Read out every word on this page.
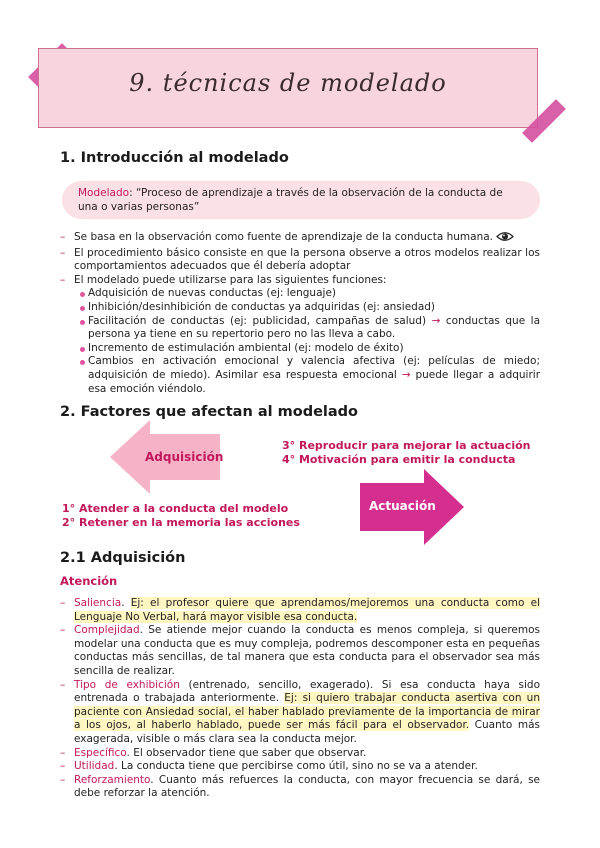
9. técnicas de modelado
1. Introducción al modelado
Modelado: “Proceso de aprendizaje a través de la observación de la conducta de una o varias personas”
– Se basa en la observación como fuente de aprendizaje de la conducta humana.
– El procedimiento básico consiste en que la persona observe a otros modelos realizar los comportamientos adecuados que él debería adoptar
– El modelado puede utilizarse para las siguientes funciones:
Adquisición de nuevas conductas (ej: lenguaje)
Inhibición/desinhibición de conductas ya adquiridas (ej: ansiedad)
Facilitación de conductas (ej: publicidad, campañas de salud) → conductas que la persona ya tiene en su repertorio pero no las lleva a cabo.
Incremento de estimulación ambiental (ej: modelo de éxito)
Cambios en activación emocional y valencia afectiva (ej: películas de miedo; adquisición de miedo). Asimilar esa respuesta emocional → puede llegar a adquirir esa emoción viéndolo.
2. Factores que afectan al modelado
Adquisición
3° Reproducir para mejorar la actuación
4° Motivación para emitir la conducta
1° Atender a la conducta del modelo
2° Retener en la memoria las acciones
Actuación
2.1 Adquisición
Atención
– Saliencia. Ej: el profesor quiere que aprendamos/mejoremos una conducta como el Lenguaje No Verbal, hará mayor visible esa conducta.
– Complejidad. Se atiende mejor cuando la conducta es menos compleja, si queremos modelar una conducta que es muy compleja, podremos descomponer esta en pequeñas conductas más sencillas, de tal manera que esta conducta para el observador sea más sencilla de realizar.
– Tipo de exhibición (entrenado, sencillo, exagerado). Si esa conducta haya sido entrenada o trabajada anteriormente. Ej: si quiero trabajar conducta asertiva con un paciente con Ansiedad social, el haber hablado previamente de la importancia de mirar a los ojos, al haberlo hablado, puede ser más fácil para el observador. Cuanto más exagerada, visible o más clara sea la conducta mejor.
– Específico. El observador tiene que saber que observar.
– Utilidad. La conducta tiene que percibirse como útil, sino no se va a atender.
– Reforzamiento. Cuanto más refuerces la conducta, con mayor frecuencia se dará, se debe reforzar la atención.
